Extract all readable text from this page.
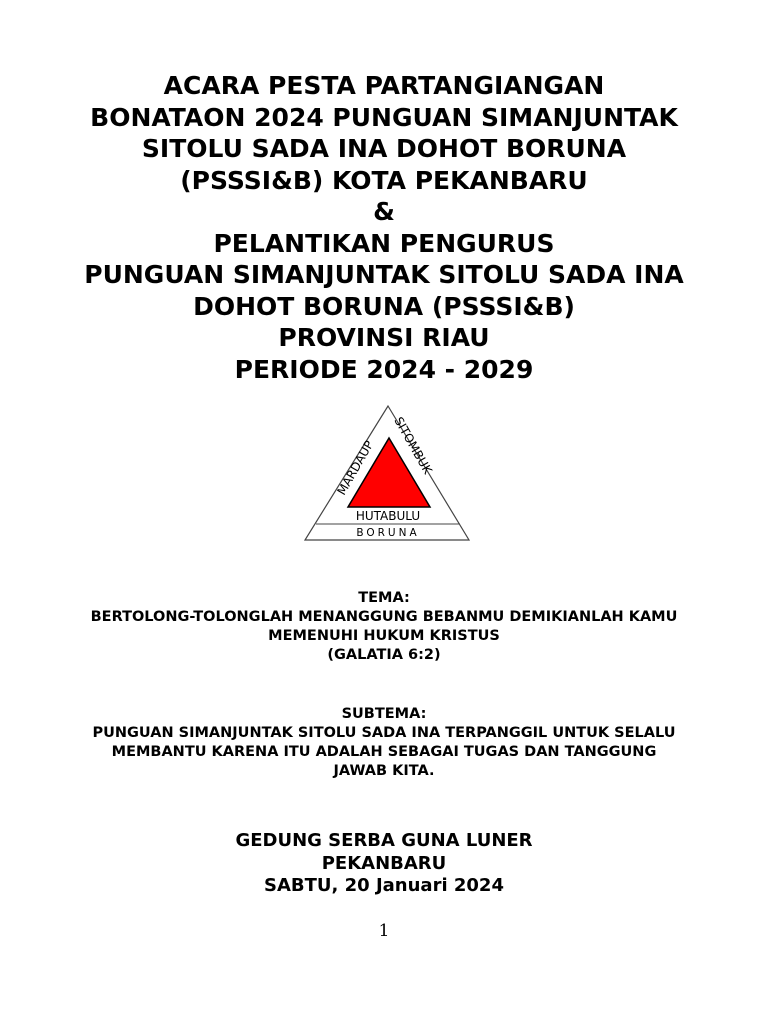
ACARA PESTA PARTANGIANGAN
BONATAON 2024 PUNGUAN SIMANJUNTAK
SITOLU SADA INA DOHOT BORUNA
(PSSSI&B) KOTA PEKANBARU
&
PELANTIKAN PENGURUS
PUNGUAN SIMANJUNTAK SITOLU SADA INA
DOHOT BORUNA (PSSSI&B)
PROVINSI RIAU
PERIODE 2024 - 2029
MARDAUP
SITOMBUK
HUTABULU
BORUNA
TEMA:
BERTOLONG-TOLONGLAH MENANGGUNG BEBANMU DEMIKIANLAH KAMU
MEMENUHI HUKUM KRISTUS
(GALATIA 6:2)
SUBTEMA:
PUNGUAN SIMANJUNTAK SITOLU SADA INA TERPANGGIL UNTUK SELALU
MEMBANTU KARENA ITU ADALAH SEBAGAI TUGAS DAN TANGGUNG
JAWAB KITA.
GEDUNG SERBA GUNA LUNER
PEKANBARU
SABTU, 20 Januari 2024
1
